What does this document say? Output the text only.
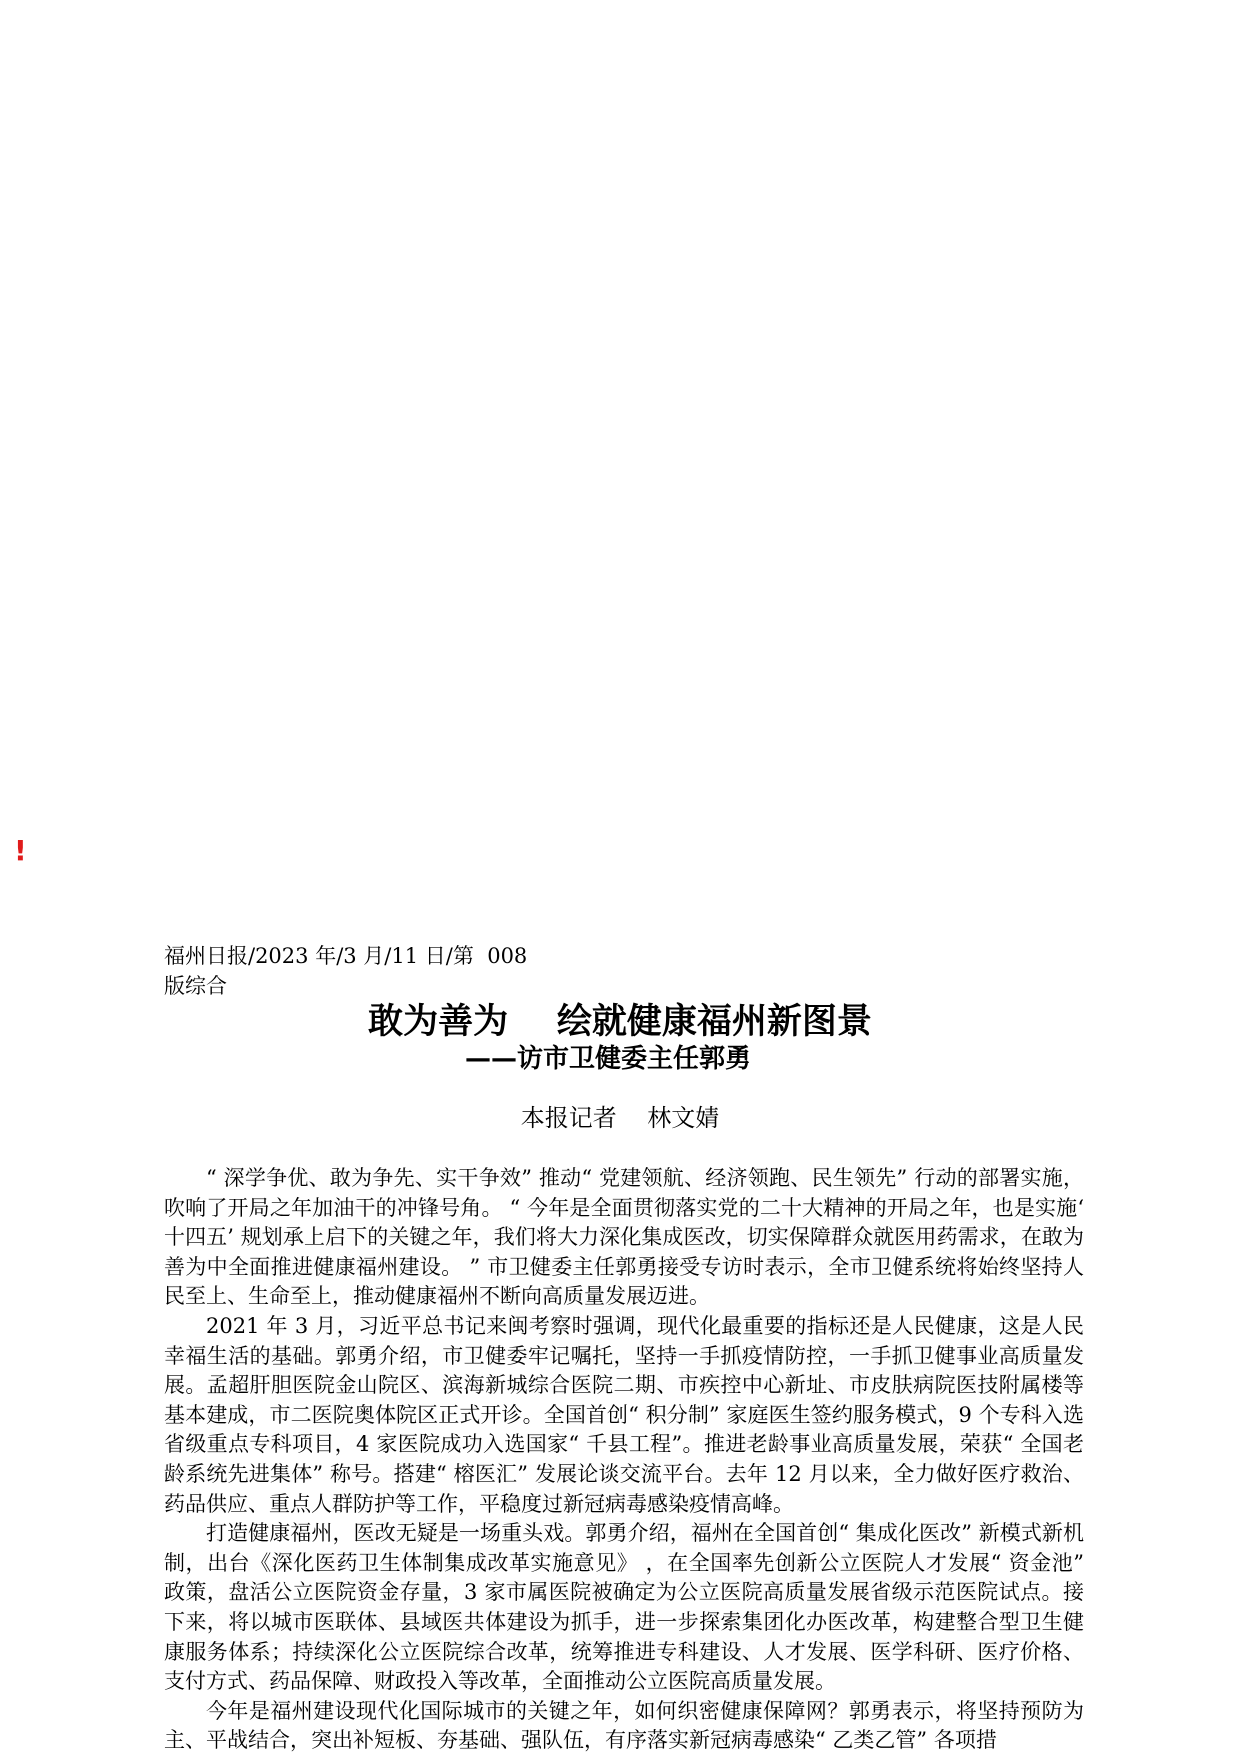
!
福州日报/2023 年/3 月/11 日/第  008
版综合
敢为善为    绘就健康福州新图景
——访市卫健委主任郭勇
本报记者    林文婧

“ 深学争优、敢为争先、实干争效” 推动“ 党建领航、经济领跑、民生领先” 行动的部署实施，吹响了开局之年加油干的冲锋号角。 “ 今年是全面贯彻落实党的二十大精神的开局之年，也是实施‘ 十四五’ 规划承上启下的关键之年，我们将大力深化集成医改，切实保障群众就医用药需求，在敢为善为中全面推进健康福州建设。 ” 市卫健委主任郭勇接受专访时表示，全市卫健系统将始终坚持人民至上、生命至上，推动健康福州不断向高质量发展迈进。

2021 年 3 月，习近平总书记来闽考察时强调，现代化最重要的指标还是人民健康，这是人民幸福生活的基础。郭勇介绍，市卫健委牢记嘱托，坚持一手抓疫情防控，一手抓卫健事业高质量发展。孟超肝胆医院金山院区、滨海新城综合医院二期、市疾控中心新址、市皮肤病院医技附属楼等基本建成，市二医院奥体院区正式开诊。全国首创“ 积分制” 家庭医生签约服务模式，9 个专科入选省级重点专科项目，4 家医院成功入选国家“ 千县工程”。推进老龄事业高质量发展，荣获“ 全国老龄系统先进集体” 称号。搭建“ 榕医汇” 发展论谈交流平台。去年 12 月以来，全力做好医疗救治、药品供应、重点人群防护等工作，平稳度过新冠病毒感染疫情高峰。

打造健康福州，医改无疑是一场重头戏。郭勇介绍，福州在全国首创“ 集成化医改” 新模式新机制，出台《深化医药卫生体制集成改革实施意见》 ，在全国率先创新公立医院人才发展“ 资金池” 政策，盘活公立医院资金存量，3 家市属医院被确定为公立医院高质量发展省级示范医院试点。接下来，将以城市医联体、县域医共体建设为抓手，进一步探索集团化办医改革，构建整合型卫生健康服务体系；持续深化公立医院综合改革，统筹推进专科建设、人才发展、医学科研、医疗价格、支付方式、药品保障、财政投入等改革，全面推动公立医院高质量发展。

今年是福州建设现代化国际城市的关键之年，如何织密健康保障网？郭勇表示，将坚持预防为主、平战结合，突出补短板、夯基础、强队伍，有序落实新冠病毒感染“ 乙类乙管” 各项措
